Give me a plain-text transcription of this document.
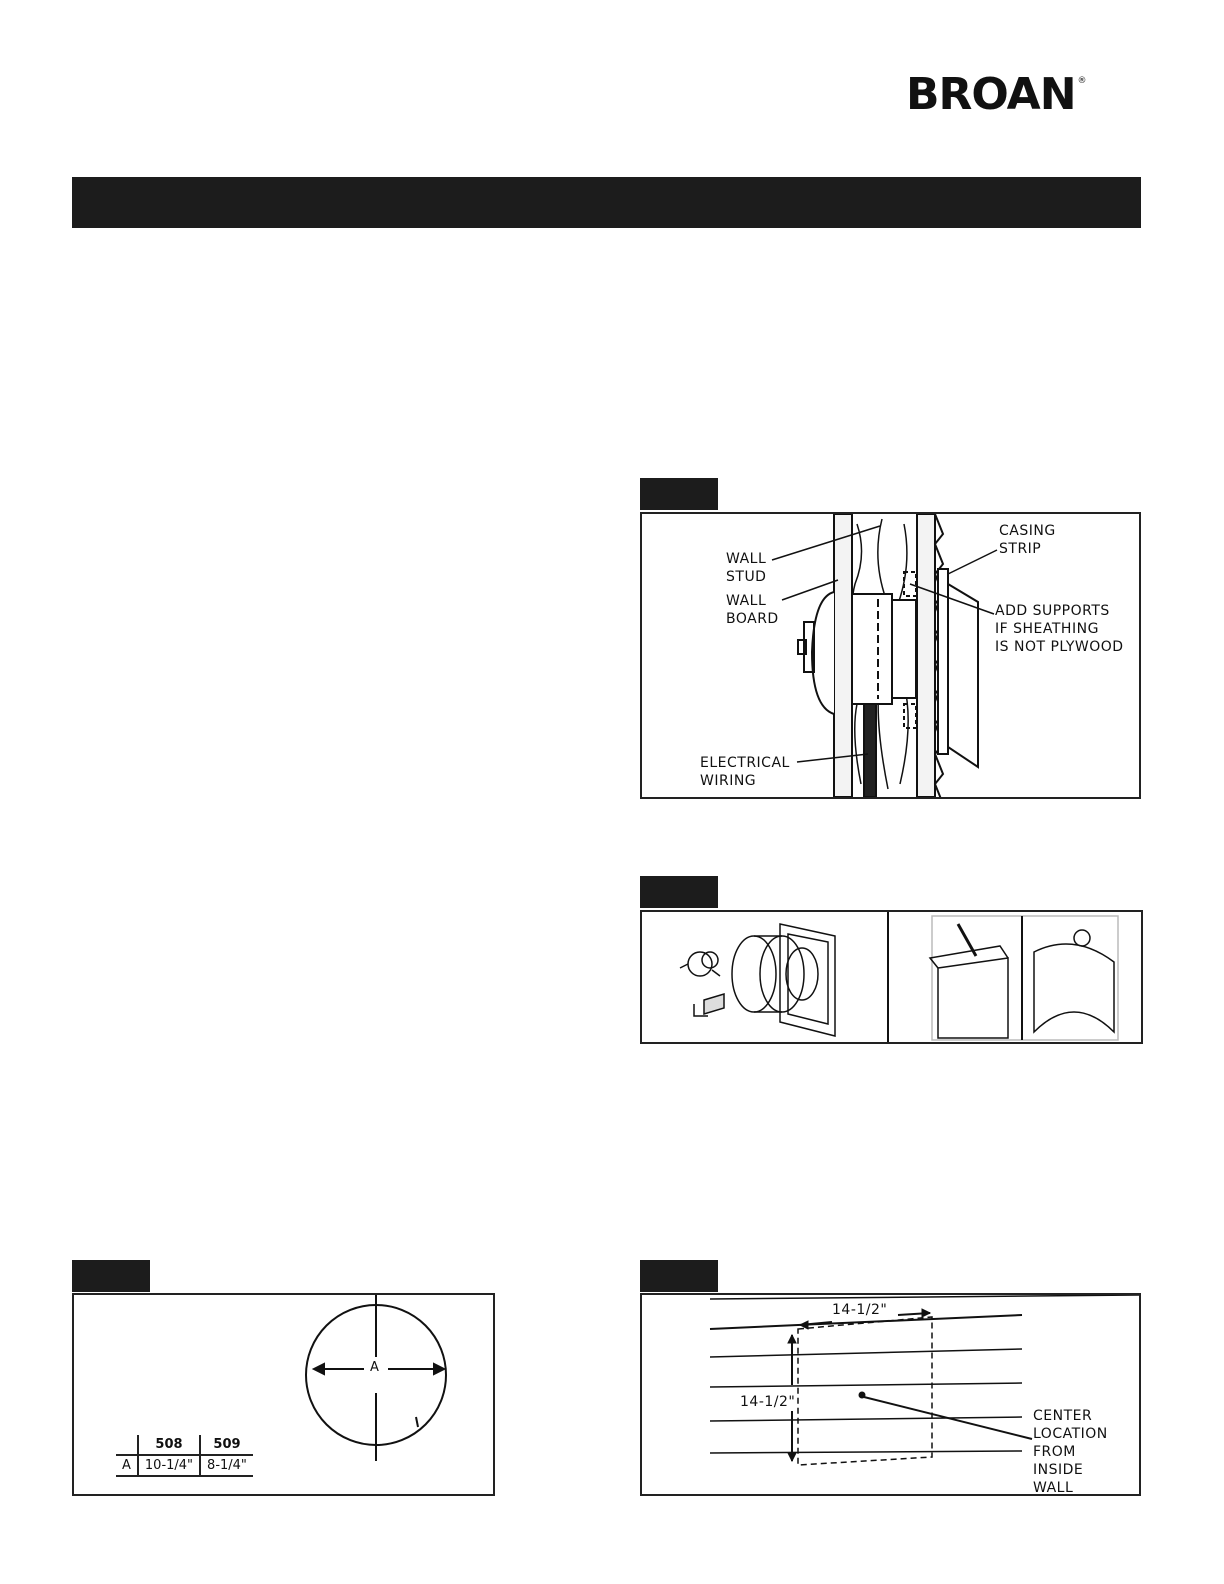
BROAN ®
WALL
STUD
WALL
BOARD
ELECTRICAL
WIRING
CASING
STRIP
ADD SUPPORTS
IF SHEATHING
IS NOT PLYWOOD
A
	508	509
A	10-1/4"	8-1/4"
14-1/2"
14-1/2"
CENTER
LOCATION
FROM
INSIDE
WALL
